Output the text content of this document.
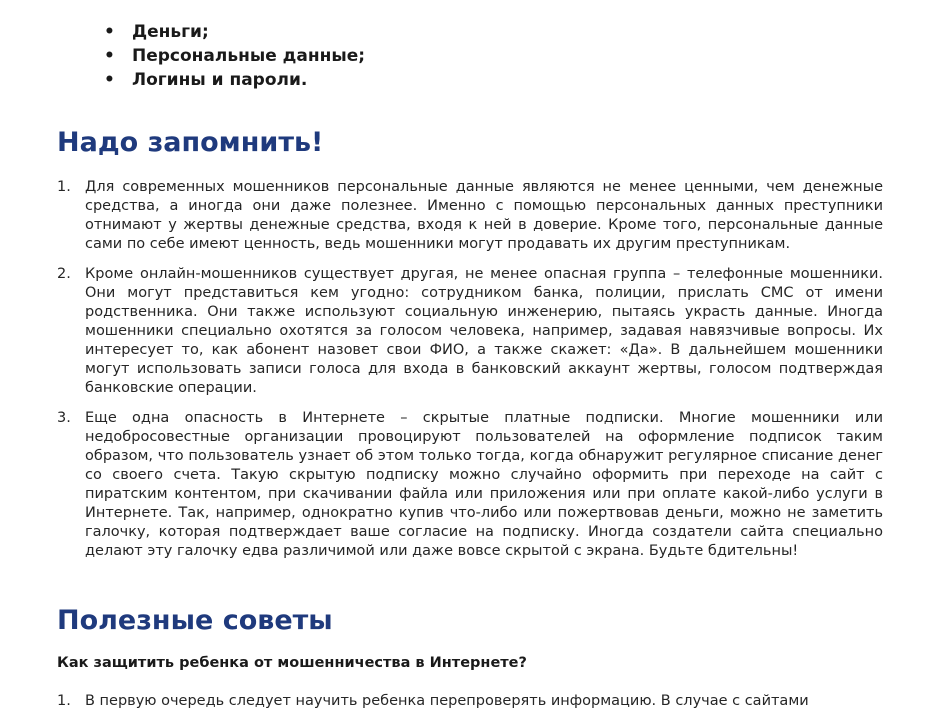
• Деньги;
• Персональные данные;
• Логины и пароли.
Надо запомнить!
1. Для современных мошенников персональные данные являются не менее ценными, чем денежные средства, а иногда они даже полезнее. Именно с помощью персональных данных преступники отнимают у жертвы денежные средства, входя к ней в доверие. Кроме того, персональные данные сами по себе имеют ценность, ведь мошенники могут продавать их другим преступникам.
2. Кроме онлайн-мошенников существует другая, не менее опасная группа – телефонные мошенники. Они могут представиться кем угодно: сотрудником банка, полиции, прислать СМС от имени родственника. Они также используют социальную инженерию, пытаясь украсть данные. Иногда мошенники специально охотятся за голосом человека, например, задавая навязчивые вопросы. Их интересует то, как абонент назовет свои ФИО, а также скажет: «Да». В дальнейшем мошенники могут использовать записи голоса для входа в банковский аккаунт жертвы, голосом подтверждая банковские операции.
3. Еще одна опасность в Интернете – скрытые платные подписки. Многие мошенники или недобросовестные организации провоцируют пользователей на оформление подписок таким образом, что пользователь узнает об этом только тогда, когда обнаружит регулярное списание денег со своего счета. Такую скрытую подписку можно случайно оформить при переходе на сайт с пиратским контентом, при скачивании файла или приложения или при оплате какой-либо услуги в Интернете. Так, например, однократно купив что-либо или пожертвовав деньги, можно не заметить галочку, которая подтверждает ваше согласие на подписку. Иногда создатели сайта специально делают эту галочку едва различимой или даже вовсе скрытой с экрана. Будьте бдительны!
Полезные советы

Как защитить ребенка от мошенничества в Интернете?

1. В первую очередь следует научить ребенка перепроверять информацию. В случае с сайтами
